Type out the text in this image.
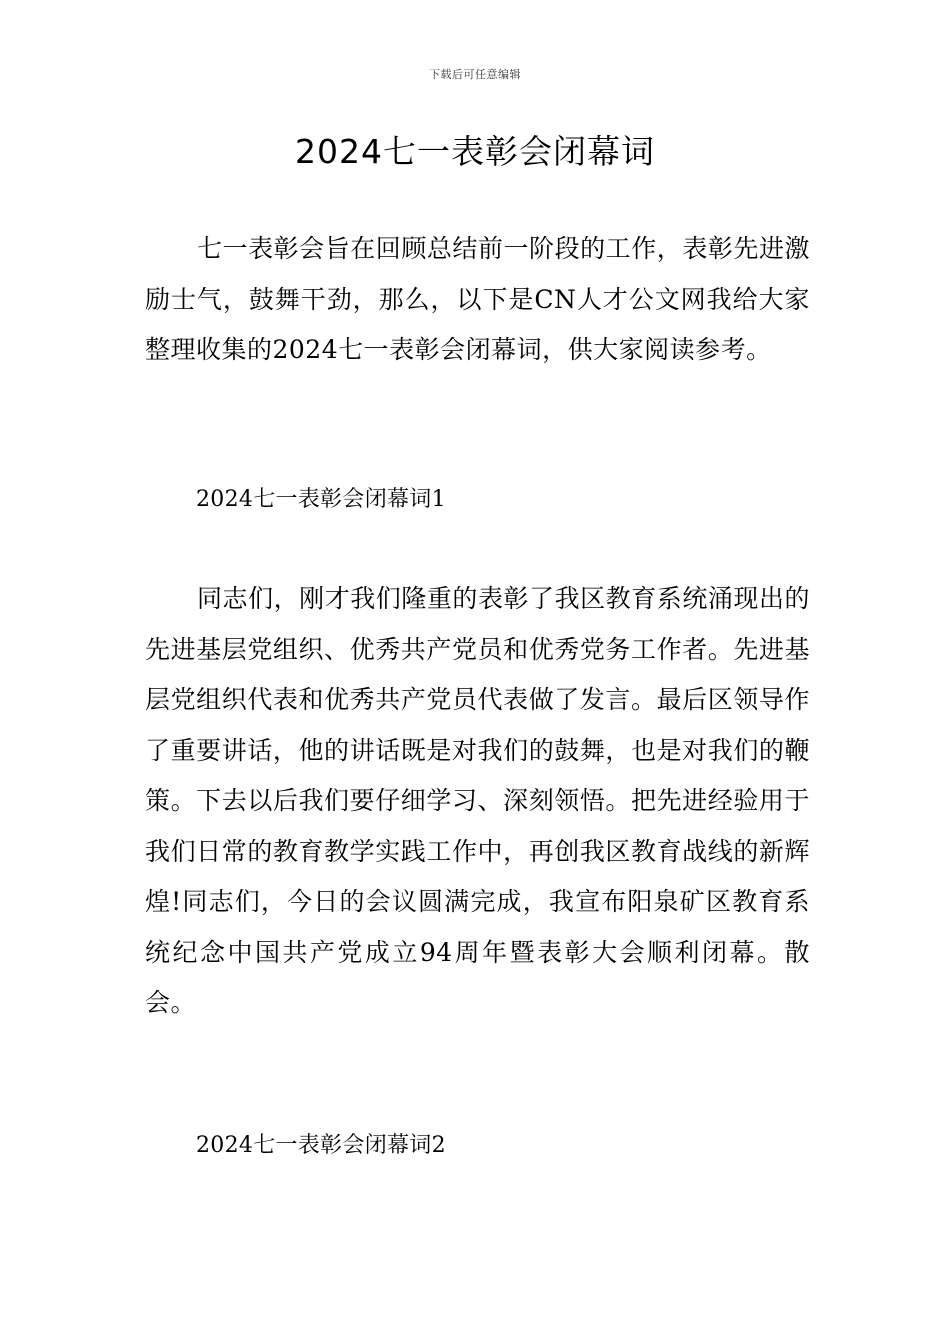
下载后可任意编辑
2024七一表彰会闭幕词

七一表彰会旨在回顾总结前一阶段的工作，表彰先进激励士气，鼓舞干劲，那么，以下是CN人才公文网我给大家整理收集的2024七一表彰会闭幕词，供大家阅读参考。

2024七一表彰会闭幕词1

同志们，刚才我们隆重的表彰了我区教育系统涌现出的先进基层党组织、优秀共产党员和优秀党务工作者。先进基层党组织代表和优秀共产党员代表做了发言。最后区领导作了重要讲话，他的讲话既是对我们的鼓舞，也是对我们的鞭策。下去以后我们要仔细学习、深刻领悟。把先进经验用于我们日常的教育教学实践工作中，再创我区教育战线的新辉煌!同志们，今日的会议圆满完成，我宣布阳泉矿区教育系统纪念中国共产党成立94周年暨表彰大会顺利闭幕。散会。

2024七一表彰会闭幕词2
